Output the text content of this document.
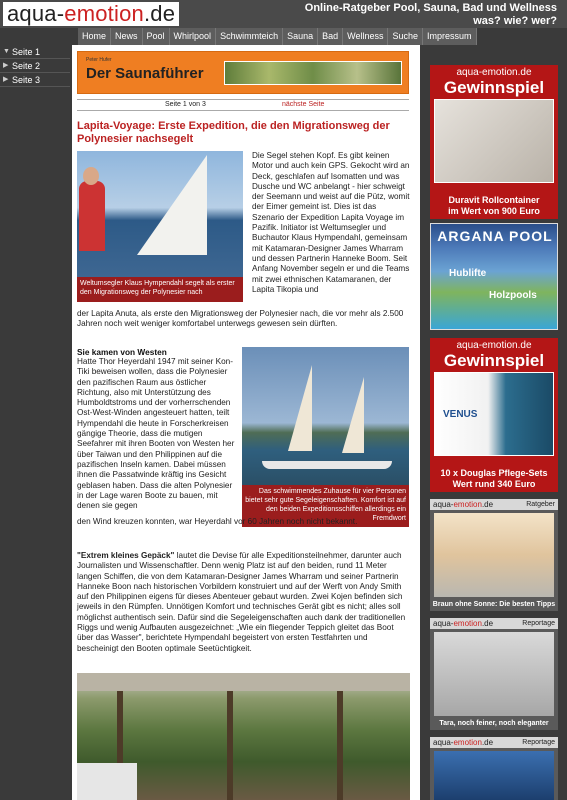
aqua-emotion.de	Online-Ratgeber Pool, Sauna, Bad und Wellness
was? wie? wer?
Home	News	Pool	Whirlpool	Schwimmteich	Sauna	Bad	Wellness	Suche	Impressum
▼ Seite 1
▶ Seite 2
▶ Seite 3
Peter Hufer
Der Saunaführer
Seite 1 von 3	nächste Seite
Lapita-Voyage: Erste Expedition, die den Migrationsweg der Polynesier nachsegelt
Weltumsegler Klaus Hympendahl segelt als erster den Migrationsweg der Polynesier nach
Die Segel stehen Kopf. Es gibt keinen Motor und auch kein GPS. Gekocht wird an Deck, geschlafen auf Isomatten und was Dusche und WC anbelangt - hier schweigt der Seemann und weist auf die Pütz, womit der Eimer gemeint ist. Dies ist das Szenario der Expedition Lapita Voyage im Pazifik. Initiator ist Weltumsegler und Buchautor Klaus Hympendahl, gemeinsam mit Katamaran-Designer James Wharram und dessen Partnerin Hanneke Boom. Seit Anfang November segeln er und die Teams mit zwei ethnischen Katamaranen, der Lapita Tikopia und
der Lapita Anuta, als erste den Migrationsweg der Polynesier nach, die vor mehr als 2.500 Jahren noch weit weniger komfortabel unterwegs gewesen sein dürften.
Sie kamen von Westen
Hatte Thor Heyerdahl 1947 mit seiner Kon-Tiki beweisen wollen, dass die Polynesier den pazifischen Raum aus östlicher Richtung, also mit Unterstützung des Humboldtstroms und der vorherrschenden Ost-West-Winden angesteuert hatten, teilt Hympendahl die heute in Forscherkreisen gängige Theorie, dass die mutigen Seefahrer mit ihren Booten von Westen her über Taiwan und den Philippinen auf die pazifischen Inseln kamen. Dabei müssen ihnen die Passatwinde kräftig ins Gesicht geblasen haben. Dass die alten Polynesier in der Lage waren Boote zu bauen, mit denen sie gegen
Das schwimmendes Zuhause für vier Personen bietet sehr gute Segeleigenschaften. Komfort ist auf den beiden Expeditionsschiffen allerdings ein Fremdwort
den Wind kreuzen konnten, war Heyerdahl vor 60 Jahren noch nicht bekannt.
"Extrem kleines Gepäck" lautet die Devise für alle Expeditionsteilnehmer, darunter auch Journalisten und Wissenschaftler. Denn wenig Platz ist auf den beiden, rund 11 Meter langen Schiffen, die von dem Katamaran-Designer James Wharram und seiner Partnerin Hanneke Boon nach historischen Vorbildern konstruiert und auf der Werft von Andy Smith auf den Philippinen eigens für dieses Abenteuer gebaut wurden. Zwei Kojen befinden sich jeweils in den Rümpfen. Unnötigen Komfort und technisches Gerät gibt es nicht; alles soll möglichst authentisch sein. Dafür sind die Segeleigenschaften auch dank der traditionellen Riggs und wenig Aufbauten ausgezeichnet: „Wie ein fliegender Teppich gleitet das Boot über das Wasser", berichtete Hympendahl begeistert von ersten Testfahrten und bescheinigt den Booten optimale Seetüchtigkeit.
aqua-emotion.de
Gewinnspiel
Duravit Rollcontainer
im Wert von 900 Euro
ARGANA POOL
Hublifte
Holzpools
aqua-emotion.de
Gewinnspiel
VENUS
10 x Douglas Pflege-Sets
Wert rund 340 Euro
aqua-emotion.de	Ratgeber
Braun ohne Sonne: Die besten Tipps
aqua-emotion.de	Reportage
Tara, noch feiner, noch eleganter
aqua-emotion.de	Reportage
